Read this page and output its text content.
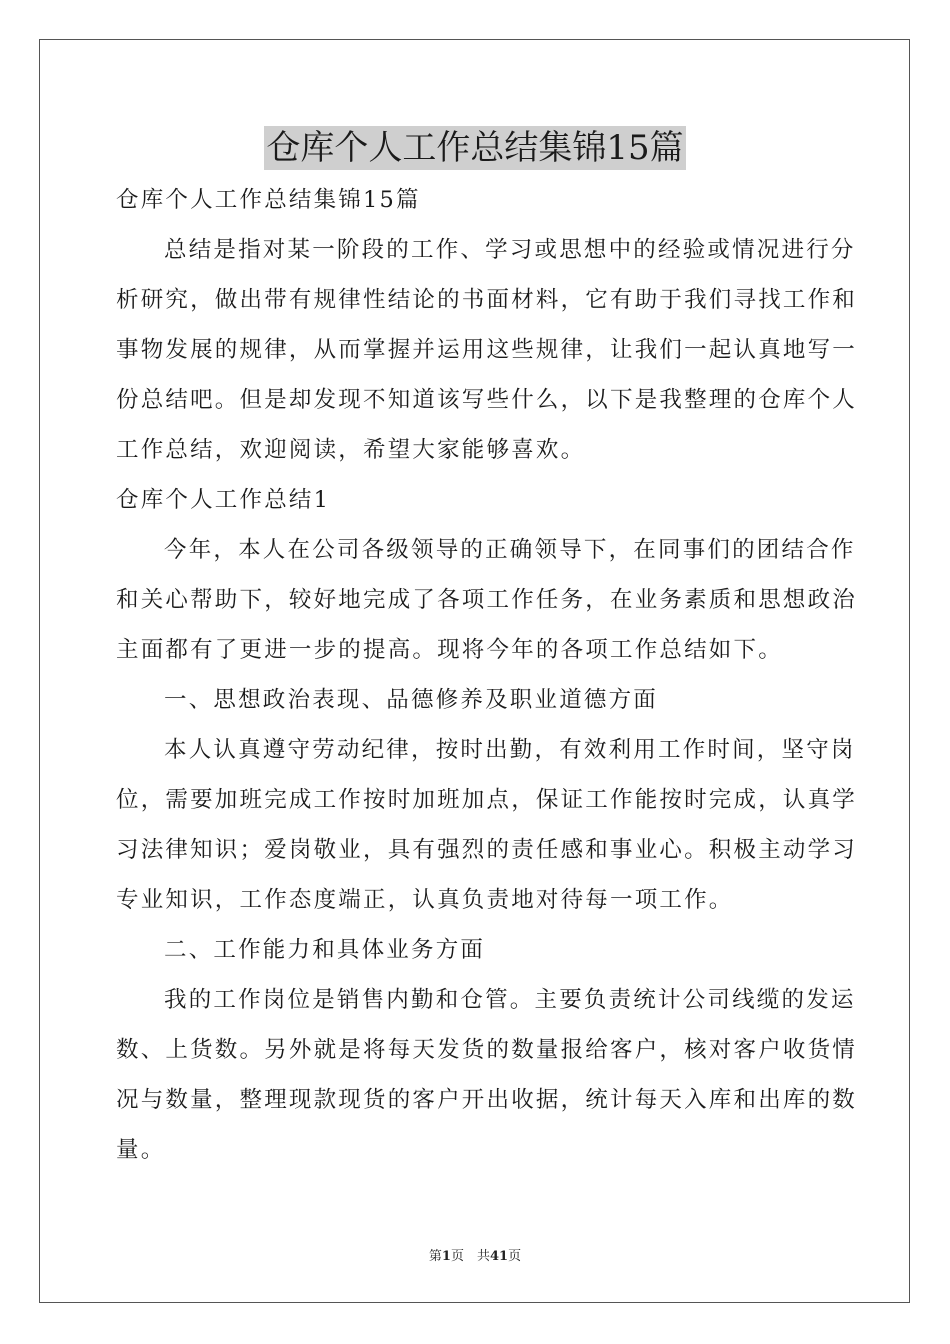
仓库个人工作总结集锦15篇
仓库个人工作总结集锦15篇
总结是指对某一阶段的工作、学习或思想中的经验或情况进行分
析研究，做出带有规律性结论的书面材料，它有助于我们寻找工作和
事物发展的规律，从而掌握并运用这些规律，让我们一起认真地写一
份总结吧。但是却发现不知道该写些什么，以下是我整理的仓库个人
工作总结，欢迎阅读，希望大家能够喜欢。
仓库个人工作总结1
今年，本人在公司各级领导的正确领导下，在同事们的团结合作
和关心帮助下，较好地完成了各项工作任务，在业务素质和思想政治
主面都有了更进一步的提高。现将今年的各项工作总结如下。
一、思想政治表现、品德修养及职业道德方面
本人认真遵守劳动纪律，按时出勤，有效利用工作时间，坚守岗
位，需要加班完成工作按时加班加点，保证工作能按时完成，认真学
习法律知识；爱岗敬业，具有强烈的责任感和事业心。积极主动学习
专业知识，工作态度端正，认真负责地对待每一项工作。
二、工作能力和具体业务方面
我的工作岗位是销售内勤和仓管。主要负责统计公司线缆的发运
数、上货数。另外就是将每天发货的数量报给客户，核对客户收货情
况与数量，整理现款现货的客户开出收据，统计每天入库和出库的数
量。
第1页　共41页
